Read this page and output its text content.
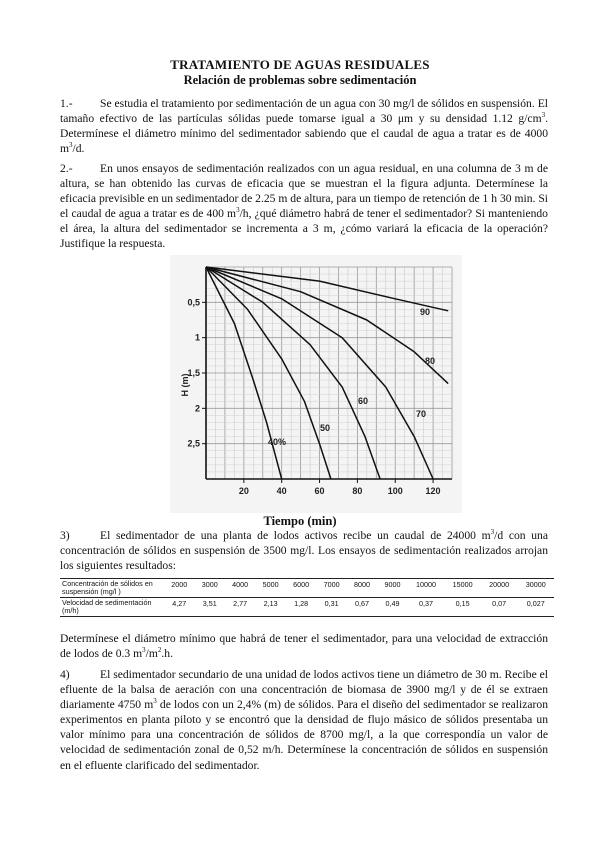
TRATAMIENTO DE AGUAS RESIDUALES
Relación de problemas sobre sedimentación
1.- Se estudia el tratamiento por sedimentación de un agua con 30 mg/l de sólidos en suspensión. El tamaño efectivo de las partículas sólidas puede tomarse igual a 30 μm y su densidad 1.12 $g/cm^3$. Determínese el diámetro mínimo del sedimentador sabiendo que el caudal de agua a tratar es de 4000 $m^3/d$.
2.- En unos ensayos de sedimentación realizados con un agua residual, en una columna de 3 m de altura, se han obtenido las curvas de eficacia que se muestran el la figura adjunta. Determínese la eficacia previsible en un sedimentador de 2.25 m de altura, para un tiempo de retención de 1 h 30 min. Si el caudal de agua a tratar es de 400 $m^3/h$, ¿qué diámetro habrá de tener el sedimentador? Si manteniendo el área, la altura del sedimentador se incrementa a 3 m, ¿cómo variará la eficacia de la operación? Justifique la respuesta.
40%
50
60
70
80
90
0,5
1
1,5
2
2,5
20	40	60	80	100	120
H (m)
Tiempo (min)
3)	El sedimentador de una planta de lodos activos recibe un caudal de 24000 $m^3/d$ con una concentración de sólidos en suspensión de 3500 mg/l. Los ensayos de sedimentación realizados arrojan los siguientes resultados:
Concentración de sólidos en suspensión (mg/l )	2000	3000	4000	5000	6000	7000	8000	9000	10000	15000	20000	30000
Velocidad de sedimentación (m/h)	4,27	3,51	2,77	2,13	1,28	0,31	0,67	0,49	0,37	0,15	0,07	0,027
Determínese el diámetro mínimo que habrá de tener el sedimentador, para una velocidad de extracción de lodos de 0.3 $m^3/m^2.h$.
4)	El sedimentador secundario de una unidad de lodos activos tiene un diámetro de 30 m. Recibe el efluente de la balsa de aeración con una concentración de biomasa de 3900 mg/l y de él se extraen diariamente 4750 $m^3$ de lodos con un 2,4% (m) de sólidos. Para el diseño del sedimentador se realizaron experimentos en planta piloto y se encontró que la densidad de flujo másico de sólidos presentaba un valor mínimo para una concentración de sólidos de 8700 mg/l, a la que correspondía un valor de velocidad de sedimentación zonal de 0,52 m/h. Determínese la concentración de sólidos en suspensión en el efluente clarificado del sedimentador.
